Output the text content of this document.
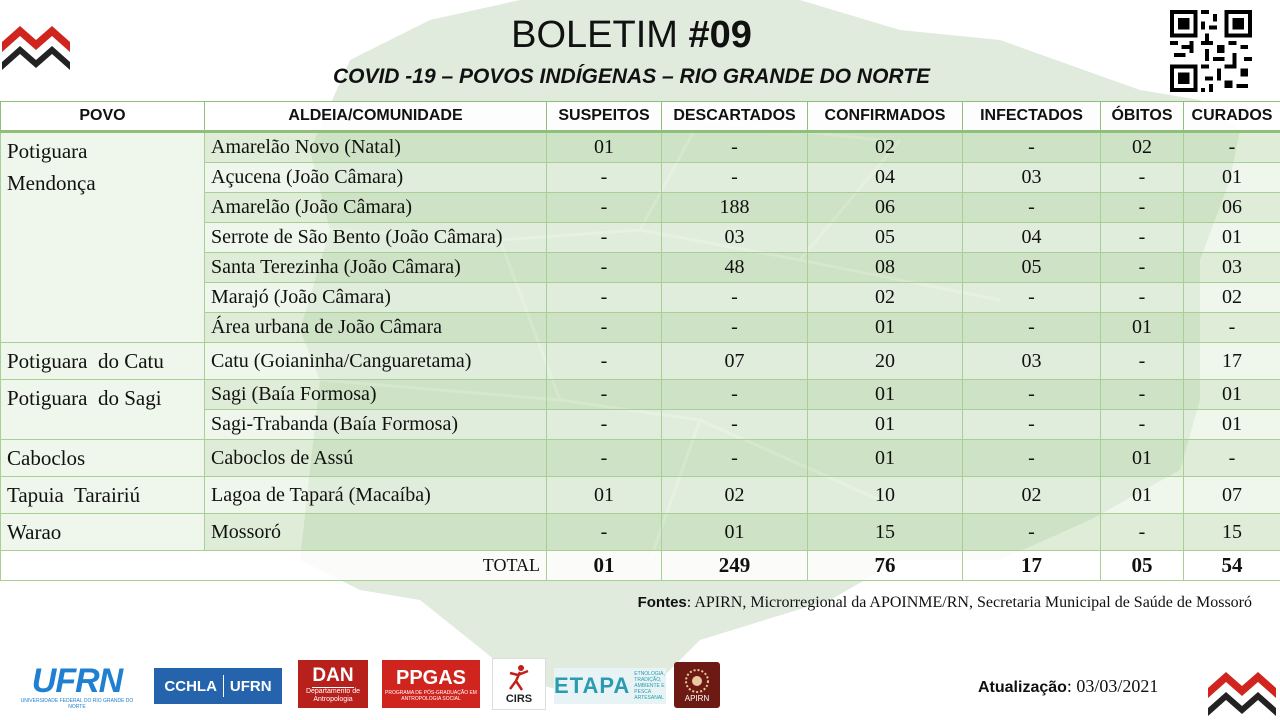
BOLETIM #09
COVID -19 – POVOS INDÍGENAS – RIO GRANDE DO NORTE
POVO	ALDEIA/COMUNIDADE	SUSPEITOS	DESCARTADOS	CONFIRMADOS	INFECTADOS	ÓBITOS	CURADOS

Potiguara
Mendonça	Amarelão Novo (Natal)	01	-	02	-	02	-
	Açucena (João Câmara)	-	-	04	03	-	01
	Amarelão (João Câmara)	-	188	06	-	-	06
	Serrote de São Bento (João Câmara)	-	03	05	04	-	01
	Santa Terezinha (João Câmara)	-	48	08	05	-	03
	Marajó (João Câmara)	-	-	02	-	-	02
	Área urbana de João Câmara	-	-	01	-	01	-

Potiguara  do Catu	Catu (Goianinha/Canguaretama)	-	07	20	03	-	17

Potiguara  do Sagi	Sagi (Baía Formosa)	-	-	01	-	-	01
	Sagi-Trabanda (Baía Formosa)	-	-	01	-	-	01

Caboclos	Caboclos de Assú	-	-	01	-	01	-

Tapuia  Tarairiú	Lagoa de Tapará (Macaíba)	01	02	10	02	01	07

Warao	Mossoró	-	01	15	-	-	15
TOTAL		01	249	76	17	05	54
Fontes: APIRN, Microrregional da APOINME/RN, Secretaria Municipal de Saúde de Mossoró
Atualização: 03/03/2021
UFRN
UNIVERSIDADE FEDERAL DO RIO GRANDE DO NORTE
CCHLA UFRN
DAN
Departamento de Antropologia
PPGAS
PROGRAMA DE PÓS-GRADUAÇÃO EM ANTROPOLOGIA SOCIAL	CIRS
ETAPA ETNOLOGIA, TRADIÇÃO, AMBIENTE E PESCA ARTESANAL	APIRN
